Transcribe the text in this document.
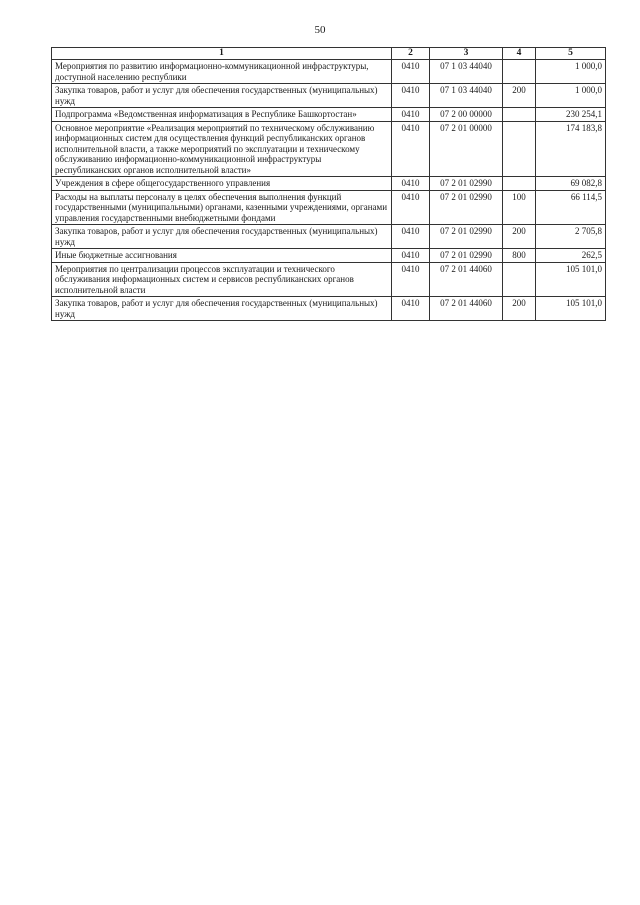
50
1	2	3	4	5
Мероприятия по развитию информационно-коммуникационной инфраструктуры, доступной населению республики	0410	07 1 03 44040		1 000,0
Закупка товаров, работ и услуг для обеспечения государственных (муниципальных) нужд	0410	07 1 03 44040	200	1 000,0
Подпрограмма «Ведомственная информатизация в Республике Башкортостан»	0410	07 2 00 00000		230 254,1
Основное мероприятие «Реализация мероприятий по техническому обслуживанию информационных систем для осуществления функций республиканских органов исполнительной власти, а также мероприятий по эксплуатации и техническому обслуживанию информационно-коммуникационной инфраструктуры республиканских органов исполнительной власти»	0410	07 2 01 00000		174 183,8
Учреждения в сфере общегосударственного управления	0410	07 2 01 02990		69 082,8
Расходы на выплаты персоналу в целях обеспечения выполнения функций государственными (муниципальными) органами, казенными учреждениями, органами управления государственными внебюджетными фондами	0410	07 2 01 02990	100	66 114,5
Закупка товаров, работ и услуг для обеспечения государственных (муниципальных) нужд	0410	07 2 01 02990	200	2 705,8
Иные бюджетные ассигнования	0410	07 2 01 02990	800	262,5
Мероприятия по централизации процессов эксплуатации и технического обслуживания информационных систем и сервисов республиканских органов исполнительной власти	0410	07 2 01 44060		105 101,0
Закупка товаров, работ и услуг для обеспечения государственных (муниципальных) нужд	0410	07 2 01 44060	200	105 101,0
